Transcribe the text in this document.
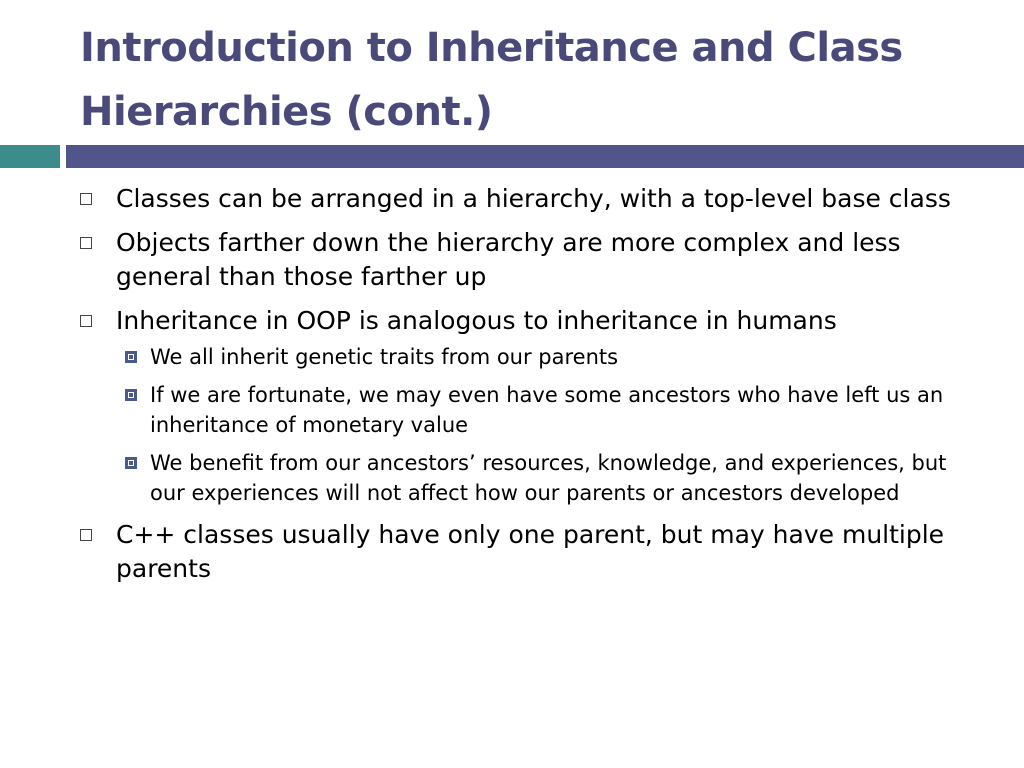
Introduction to Inheritance and Class Hierarchies (cont.)
Classes can be arranged in a hierarchy, with a top-level base class
Objects farther down the hierarchy are more complex and less general than those farther up
Inheritance in OOP is analogous to inheritance in humans
We all inherit genetic traits from our parents
If we are fortunate, we may even have some ancestors who have left us an inheritance of monetary value
We benefit from our ancestors’ resources, knowledge, and experiences, but our experiences will not affect how our parents or ancestors developed
C++ classes usually have only one parent, but may have multiple parents
